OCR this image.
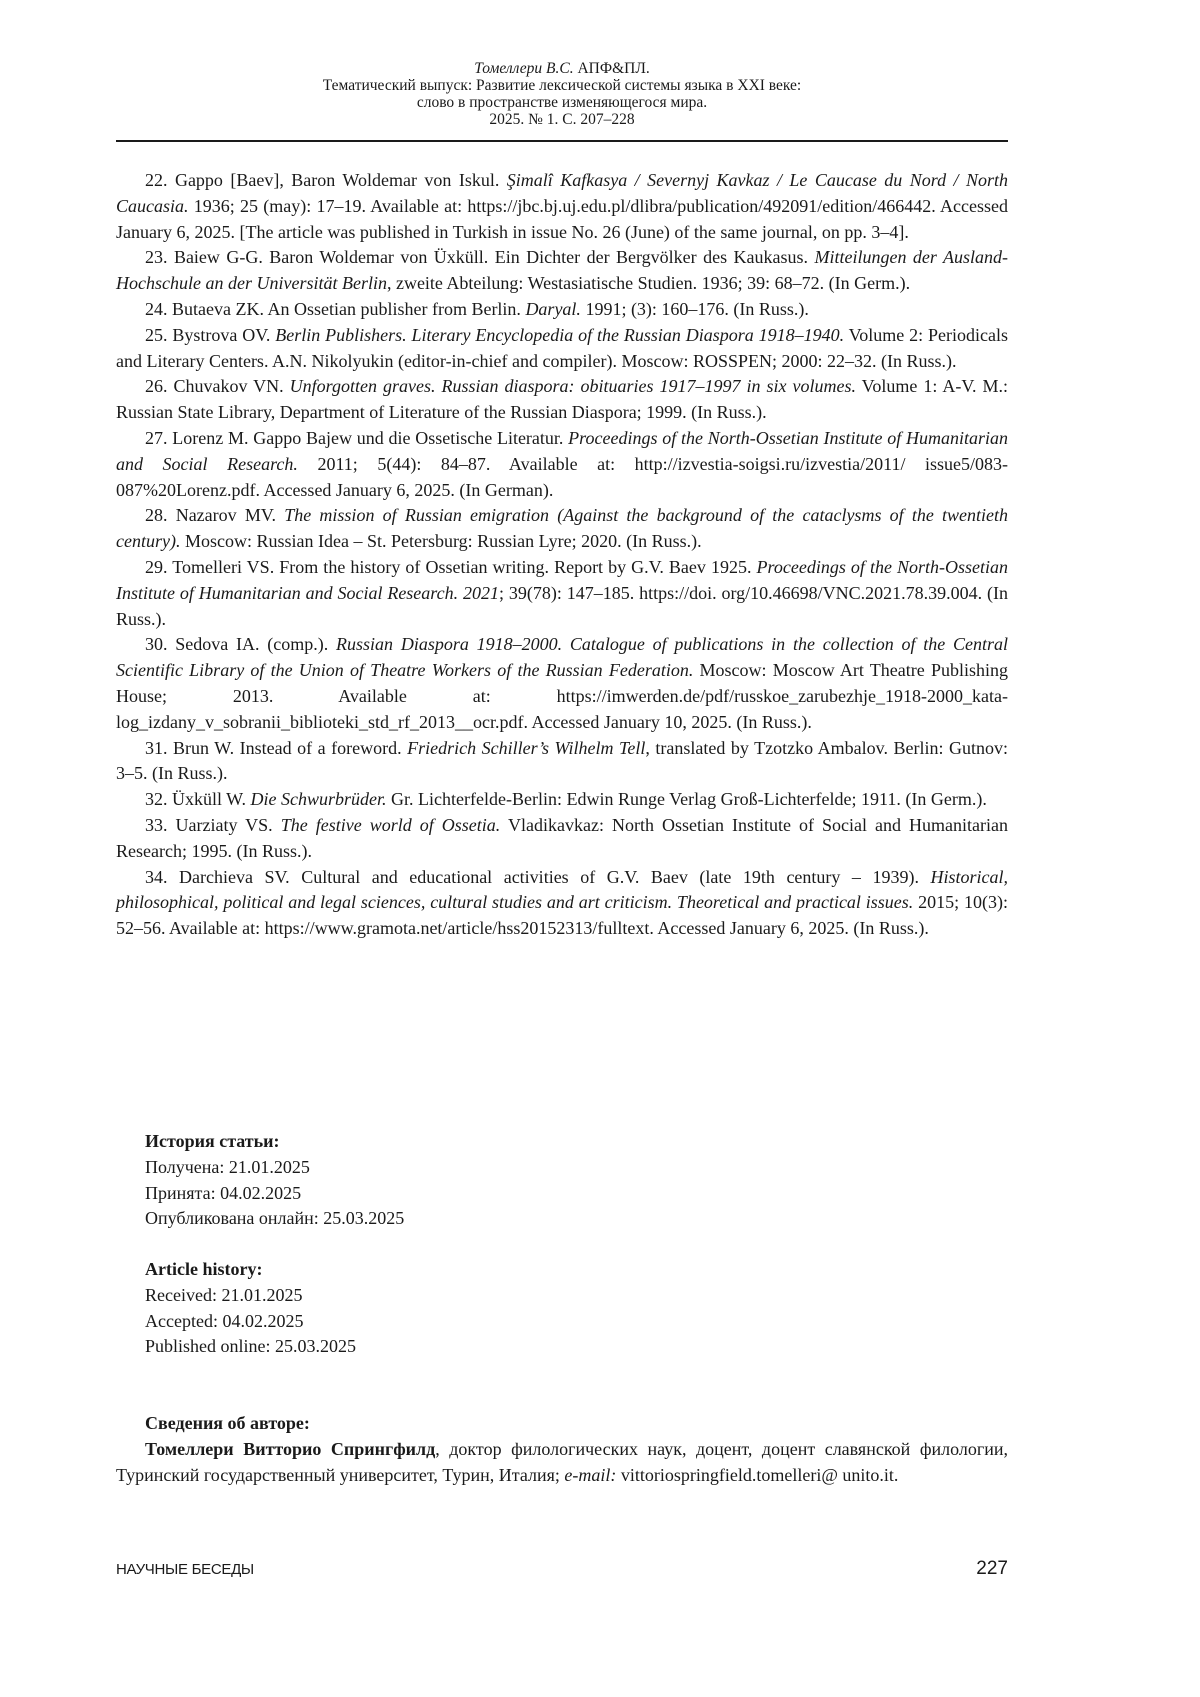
Томеллери В.С. АПФ&ПЛ.
Тематический выпуск: Развитие лексической системы языка в XXI веке:
слово в пространстве изменяющегося мира.
2025. № 1. С. 207–228

22. Gappo [Baev], Baron Woldemar von Iskul. Şimalî Kafkasya / Severnyj Kavkaz / Le Caucase du Nord / North Caucasia. 1936; 25 (may): 17–19. Available at: https://jbc.bj.uj.edu.pl/dlibra/publication/492091/edition/466442. Accessed January 6, 2025. [The article was published in Turkish in issue No. 26 (June) of the same journal, on pp. 3–4].

23. Baiew G-G. Baron Woldemar von Üxküll. Ein Dichter der Bergvölker des Kaukasus. Mitteilungen der Ausland-Hochschule an der Universität Berlin, zweite Abteilung: Westasiatische Studien. 1936; 39: 68–72. (In Germ.).

24. Butaeva ZK. An Ossetian publisher from Berlin. Daryal. 1991; (3): 160–176. (In Russ.).

25. Bystrova OV. Berlin Publishers. Literary Encyclopedia of the Russian Diaspora 1918–1940. Volume 2: Periodicals and Literary Centers. A.N. Nikolyukin (editor-in-chief and compiler). Moscow: ROSSPEN; 2000: 22–32. (In Russ.).

26. Chuvakov VN. Unforgotten graves. Russian diaspora: obituaries 1917–1997 in six volumes. Volume 1: A-V. M.: Russian State Library, Department of Literature of the Russian Diaspora; 1999. (In Russ.).

27. Lorenz M. Gappo Bajew und die Ossetische Literatur. Proceedings of the North-Ossetian Institute of Humanitarian and Social Research. 2011; 5(44): 84–87. Available at: http://izvestia-soigsi.ru/izvestia/2011/ issue5/083-087%20Lorenz.pdf. Accessed January 6, 2025. (In German).

28. Nazarov MV. The mission of Russian emigration (Against the background of the cataclysms of the twentieth century). Moscow: Russian Idea – St. Petersburg: Russian Lyre; 2020. (In Russ.).

29. Tomelleri VS. From the history of Ossetian writing. Report by G.V. Baev 1925. Proceedings of the North-Ossetian Institute of Humanitarian and Social Research. 2021; 39(78): 147–185. https://doi. org/10.46698/VNC.2021.78.39.004. (In Russ.).

30. Sedova IA. (comp.). Russian Diaspora 1918–2000. Catalogue of publications in the collection of the Central Scientific Library of the Union of Theatre Workers of the Russian Federation. Moscow: Moscow Art Theatre Publishing House; 2013. Available at: https://imwerden.de/pdf/russkoe_zarubezhje_1918-2000_katalog_izdany_v_sobranii_biblioteki_std_rf_2013__ocr.pdf. Accessed January 10, 2025. (In Russ.).

31. Brun W. Instead of a foreword. Friedrich Schiller’s Wilhelm Tell, translated by Tzotzko Ambalov. Berlin: Gutnov: 3–5. (In Russ.).

32. Üxküll W. Die Schwurbrüder. Gr. Lichterfelde-Berlin: Edwin Runge Verlag Groß-Lichterfelde; 1911. (In Germ.).

33. Uarziaty VS. The festive world of Ossetia. Vladikavkaz: North Ossetian Institute of Social and Humanitarian Research; 1995. (In Russ.).

34. Darchieva SV. Cultural and educational activities of G.V. Baev (late 19th century – 1939). Historical, philosophical, political and legal sciences, cultural studies and art criticism. Theoretical and practical issues. 2015; 10(3): 52–56. Available at: https://www.gramota.net/article/hss20152313/fulltext. Accessed January 6, 2025. (In Russ.).

История статьи:
Получена: 21.01.2025
Принята: 04.02.2025
Опубликована онлайн: 25.03.2025
Article history:
Received: 21.01.2025
Accepted: 04.02.2025
Published online: 25.03.2025
Сведения об авторе:

Томеллери Витторио Спрингфилд, доктор филологических наук, доцент, доцент славянской филологии, Туринский государственный университет, Турин, Италия; e-mail: vittoriospringfield.tomelleri@ unito.it.

НАУЧНЫЕ БЕСЕДЫ	227
